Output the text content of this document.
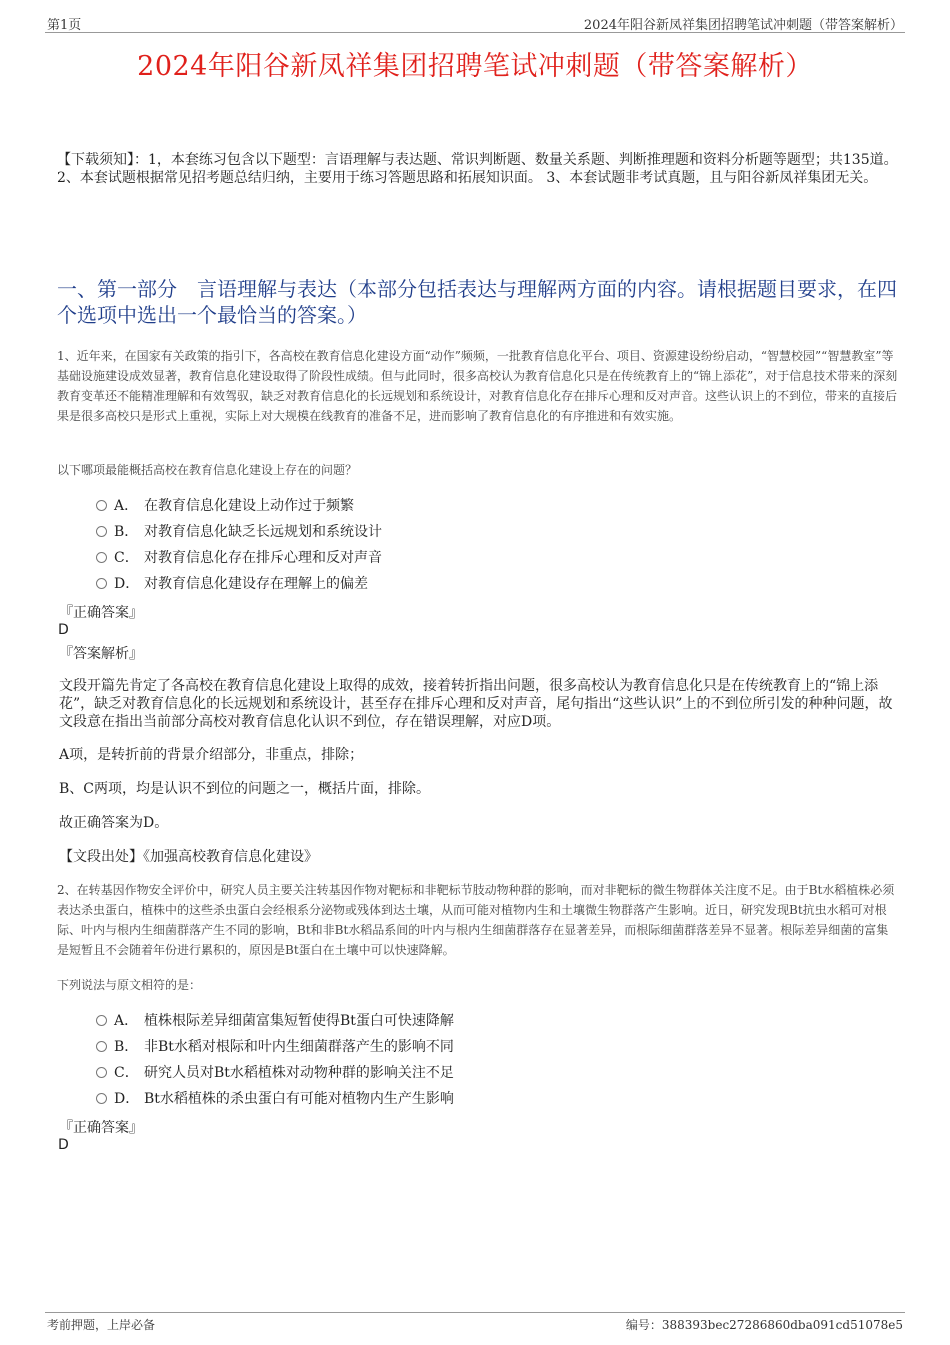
第1页	2024年阳谷新凤祥集团招聘笔试冲刺题（带答案解析）
2024年阳谷新凤祥集团招聘笔试冲刺题（带答案解析）
【下载须知】：1，本套练习包含以下题型：言语理解与表达题、常识判断题、数量关系题、判断推理题和资料分析题等题型；共135道。 2、本套试题根据常见招考题总结归纳，主要用于练习答题思路和拓展知识面。 3、本套试题非考试真题，且与阳谷新凤祥集团无关。
一、第一部分　言语理解与表达（本部分包括表达与理解两方面的内容。请根据题目要求，在四个选项中选出一个最恰当的答案。）
1、近年来，在国家有关政策的指引下，各高校在教育信息化建设方面“动作”频频，一批教育信息化平台、项目、资源建设纷纷启动，“智慧校园”“智慧教室”等基础设施建设成效显著，教育信息化建设取得了阶段性成绩。但与此同时，很多高校认为教育信息化只是在传统教育上的“锦上添花”，对于信息技术带来的深刻教育变革还不能精准理解和有效驾驭，缺乏对教育信息化的长远规划和系统设计，对教育信息化存在排斥心理和反对声音。这些认识上的不到位，带来的直接后果是很多高校只是形式上重视，实际上对大规模在线教育的准备不足，进而影响了教育信息化的有序推进和有效实施。
以下哪项最能概括高校在教育信息化建设上存在的问题？
A． 在教育信息化建设上动作过于频繁
B． 对教育信息化缺乏长远规划和系统设计
C． 对教育信息化存在排斥心理和反对声音
D． 对教育信息化建设存在理解上的偏差
『正确答案』
D
『答案解析』
文段开篇先肯定了各高校在教育信息化建设上取得的成效，接着转折指出问题，很多高校认为教育信息化只是在传统教育上的“锦上添花”，缺乏对教育信息化的长远规划和系统设计，甚至存在排斥心理和反对声音，尾句指出“这些认识”上的不到位所引发的种种问题，故文段意在指出当前部分高校对教育信息化认识不到位，存在错误理解，对应D项。
A项，是转折前的背景介绍部分，非重点，排除；
B、C两项，均是认识不到位的问题之一，概括片面，排除。
故正确答案为D。
【文段出处】《加强高校教育信息化建设》
2、在转基因作物安全评价中，研究人员主要关注转基因作物对靶标和非靶标节肢动物种群的影响，而对非靶标的微生物群体关注度不足。由于Bt水稻植株必须表达杀虫蛋白，植株中的这些杀虫蛋白会经根系分泌物或残体到达土壤，从而可能对植物内生和土壤微生物群落产生影响。近日，研究发现Bt抗虫水稻可对根际、叶内与根内生细菌群落产生不同的影响，Bt和非Bt水稻品系间的叶内与根内生细菌群落存在显著差异，而根际细菌群落差异不显著。根际差异细菌的富集是短暂且不会随着年份进行累积的，原因是Bt蛋白在土壤中可以快速降解。
下列说法与原文相符的是：
A． 植株根际差异细菌富集短暂使得Bt蛋白可快速降解
B． 非Bt水稻对根际和叶内生细菌群落产生的影响不同
C． 研究人员对Bt水稻植株对动物种群的影响关注不足
D． Bt水稻植株的杀虫蛋白有可能对植物内生产生影响
『正确答案』
D
考前押题，上岸必备	编号：388393bec27286860dba091cd51078e5
